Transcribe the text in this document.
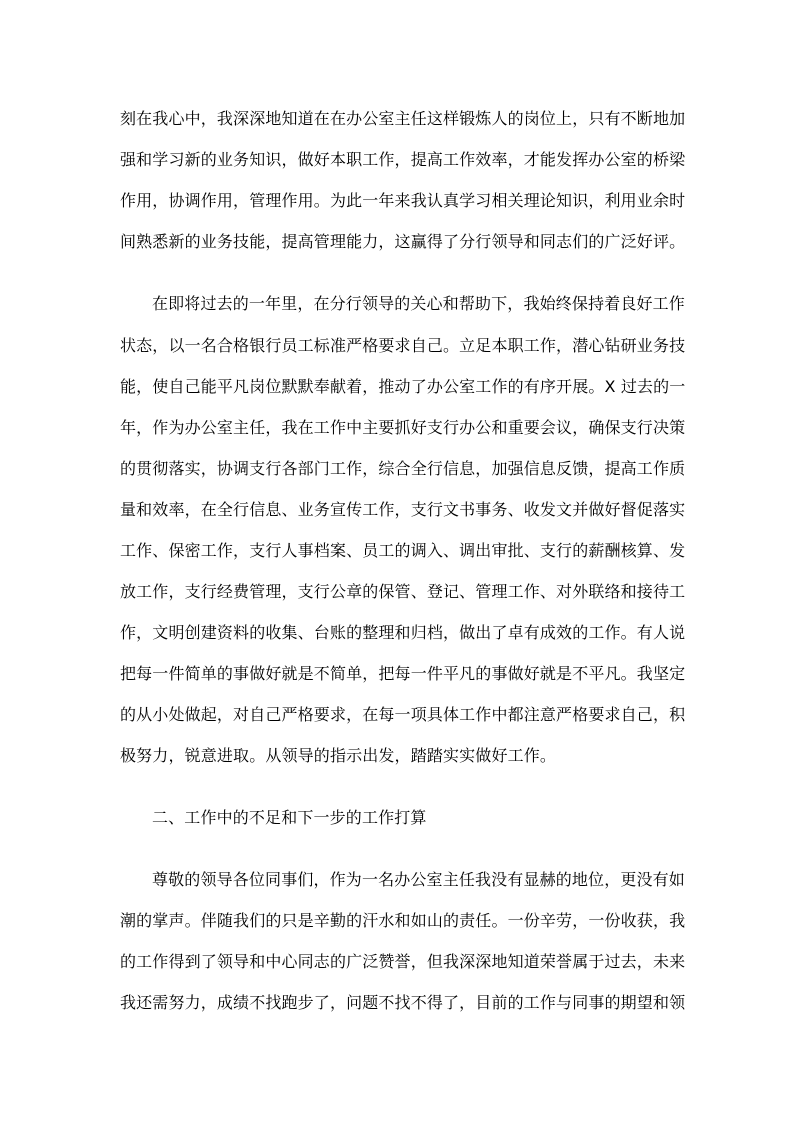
刻在我心中，我深深地知道在在办公室主任这样锻炼人的岗位上，只有不断地加
强和学习新的业务知识，做好本职工作，提高工作效率，才能发挥办公室的桥梁
作用，协调作用，管理作用。为此一年来我认真学习相关理论知识，利用业余时
间熟悉新的业务技能，提高管理能力，这赢得了分行领导和同志们的广泛好评。
在即将过去的一年里，在分行领导的关心和帮助下，我始终保持着良好工作
状态，以一名合格银行员工标准严格要求自己。立足本职工作，潜心钻研业务技
能，使自己能平凡岗位默默奉献着，推动了办公室工作的有序开展。X 过去的一
年，作为办公室主任，我在工作中主要抓好支行办公和重要会议，确保支行决策
的贯彻落实，协调支行各部门工作，综合全行信息，加强信息反馈，提高工作质
量和效率，在全行信息、业务宣传工作，支行文书事务、收发文并做好督促落实
工作、保密工作，支行人事档案、员工的调入、调出审批、支行的薪酬核算、发
放工作，支行经费管理，支行公章的保管、登记、管理工作、对外联络和接待工
作，文明创建资料的收集、台账的整理和归档，做出了卓有成效的工作。有人说
把每一件简单的事做好就是不简单，把每一件平凡的事做好就是不平凡。我坚定
的从小处做起，对自己严格要求，在每一项具体工作中都注意严格要求自己，积
极努力，锐意进取。从领导的指示出发，踏踏实实做好工作。
二、工作中的不足和下一步的工作打算
尊敬的领导各位同事们，作为一名办公室主任我没有显赫的地位，更没有如
潮的掌声。伴随我们的只是辛勤的汗水和如山的责任。一份辛劳，一份收获，我
的工作得到了领导和中心同志的广泛赞誉，但我深深地知道荣誉属于过去，未来
我还需努力，成绩不找跑步了，问题不找不得了，目前的工作与同事的期望和领
